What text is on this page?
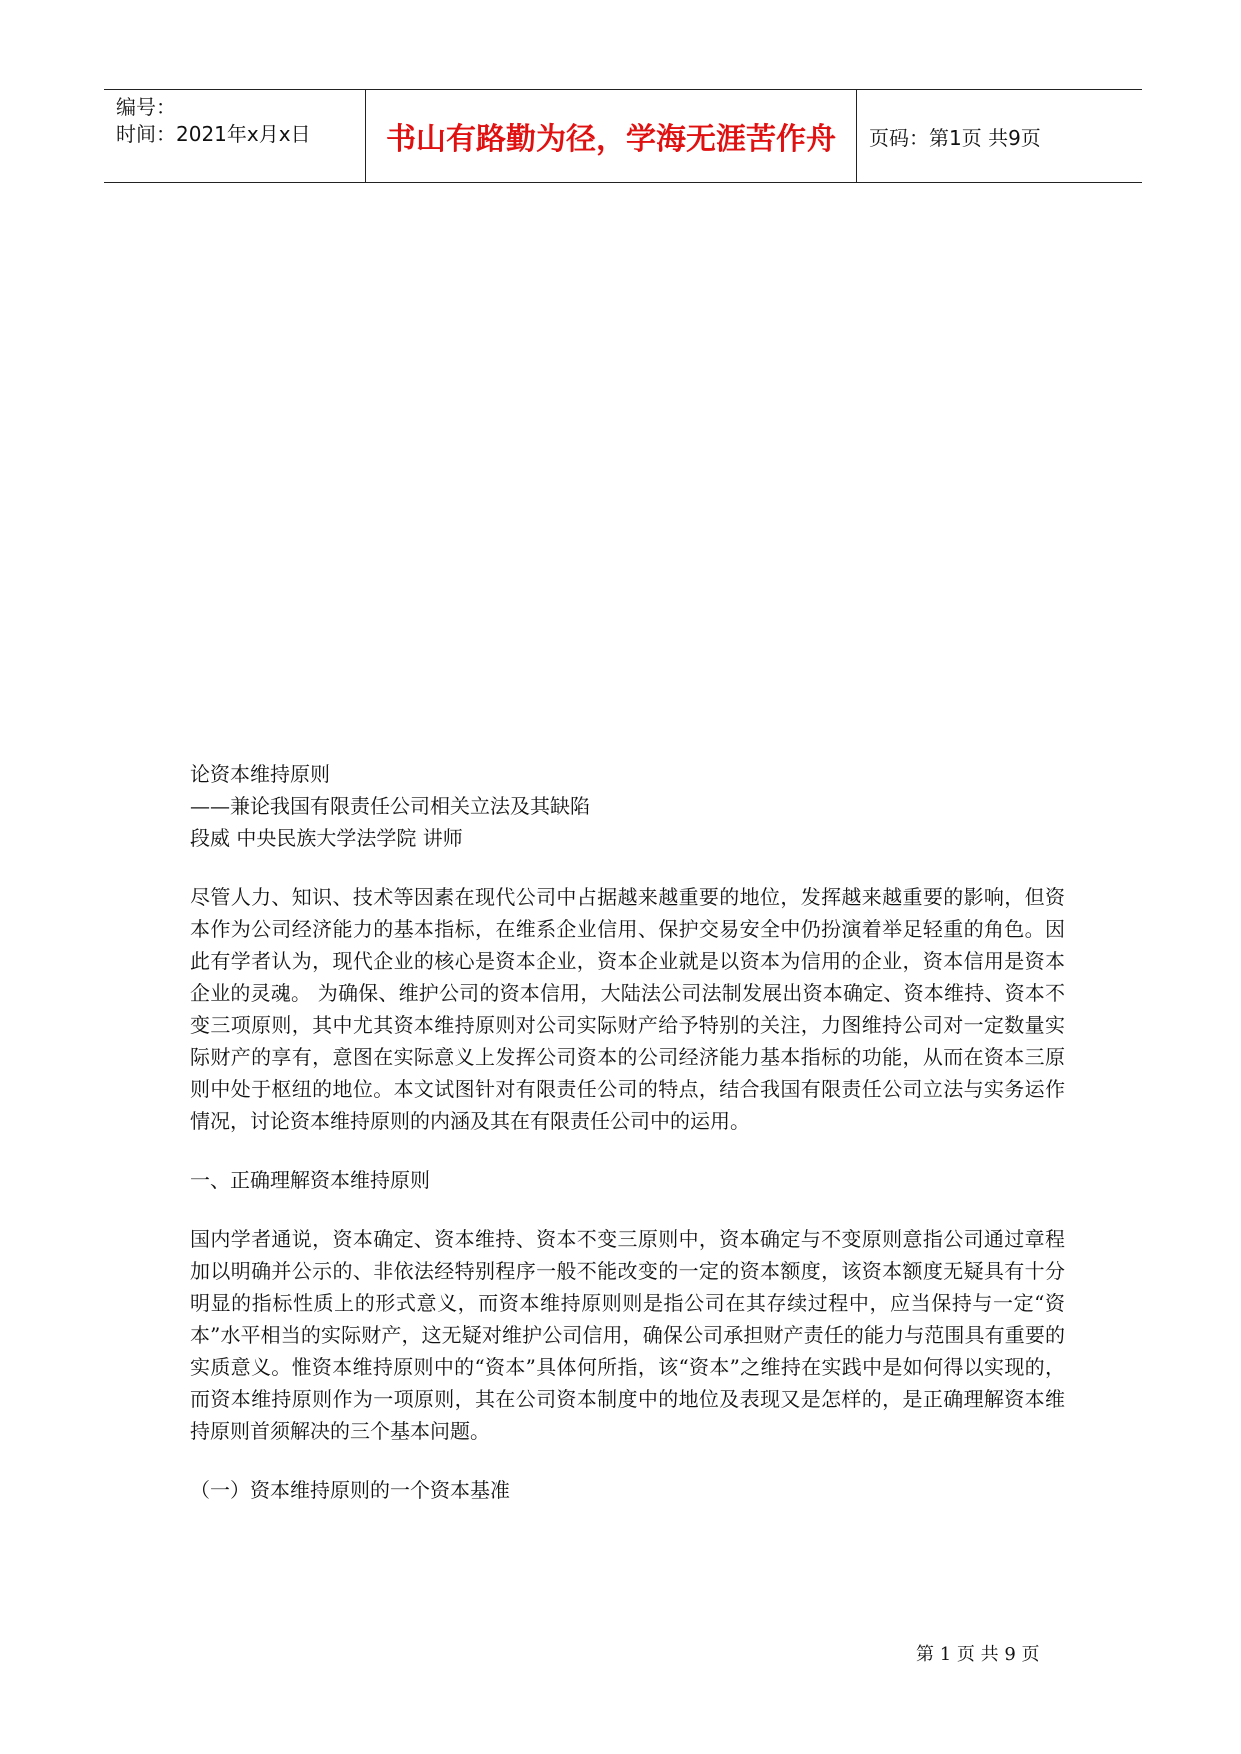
编号：
时间：2021年x月x日	书山有路勤为径，学海无涯苦作舟	页码：第1页 共9页

论资本维持原则

——兼论我国有限责任公司相关立法及其缺陷

段威 中央民族大学法学院 讲师

尽管人力、知识、技术等因素在现代公司中占据越来越重要的地位，发挥越来越重要的影响，但资本作为公司经济能力的基本指标，在维系企业信用、保护交易安全中仍扮演着举足轻重的角色。因此有学者认为，现代企业的核心是资本企业，资本企业就是以资本为信用的企业，资本信用是资本企业的灵魂。 为确保、维护公司的资本信用，大陆法公司法制发展出资本确定、资本维持、资本不变三项原则，其中尤其资本维持原则对公司实际财产给予特别的关注，力图维持公司对一定数量实际财产的享有，意图在实际意义上发挥公司资本的公司经济能力基本指标的功能，从而在资本三原则中处于枢纽的地位。本文试图针对有限责任公司的特点，结合我国有限责任公司立法与实务运作情况，讨论资本维持原则的内涵及其在有限责任公司中的运用。

一、正确理解资本维持原则

国内学者通说，资本确定、资本维持、资本不变三原则中，资本确定与不变原则意指公司通过章程加以明确并公示的、非依法经特别程序一般不能改变的一定的资本额度，该资本额度无疑具有十分明显的指标性质上的形式意义，而资本维持原则则是指公司在其存续过程中，应当保持与一定“资本”水平相当的实际财产，这无疑对维护公司信用，确保公司承担财产责任的能力与范围具有重要的实质意义。惟资本维持原则中的“资本”具体何所指，该“资本”之维持在实践中是如何得以实现的，而资本维持原则作为一项原则，其在公司资本制度中的地位及表现又是怎样的，是正确理解资本维持原则首须解决的三个基本问题。

（一）资本维持原则的一个资本基准

第 1 页 共 9 页
